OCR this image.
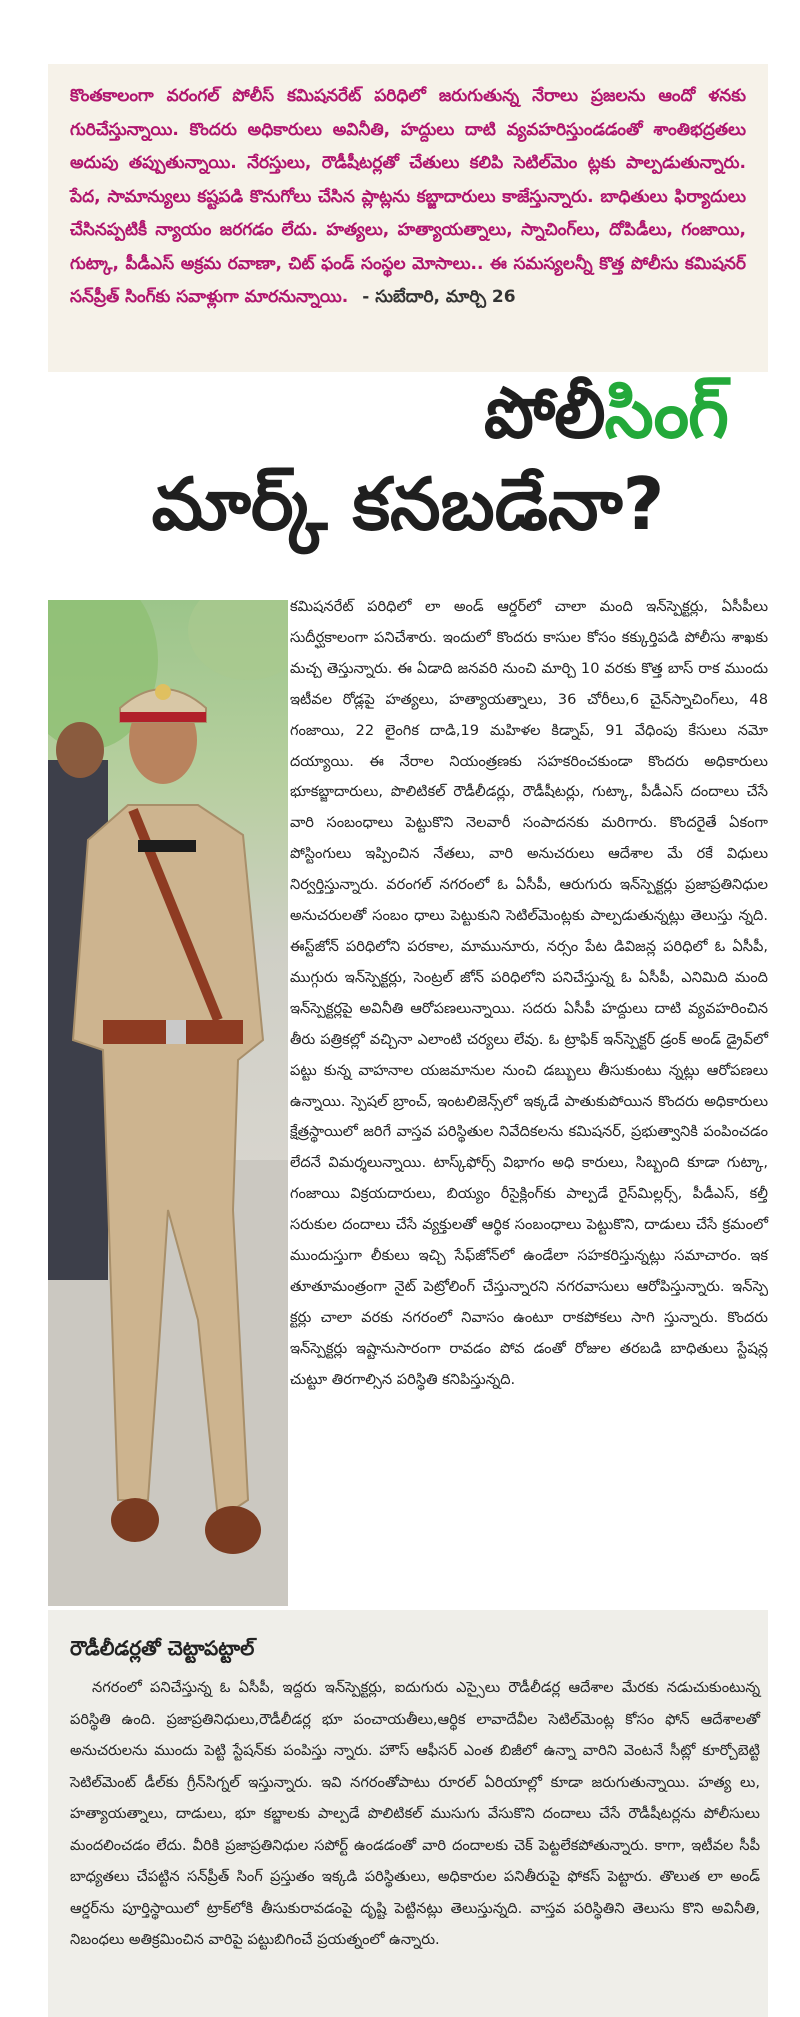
కొంతకాలంగా వరంగల్ పోలీస్ కమిషనరేట్ పరిధిలో జరుగుతున్న నేరాలు ప్రజలను ఆందో ళనకు గురిచేస్తున్నాయి. కొందరు అధికారులు అవినీతి, హద్దులు దాటి వ్యవహరిస్తుండడంతో శాంతిభద్రతలు అదుపు తప్పుతున్నాయి. నేరస్తులు, రౌడీషీటర్లతో చేతులు కలిపి సెటిల్‌మెం ట్లకు పాల్పడుతున్నారు. పేద, సామాన్యులు కష్టపడి కొనుగోలు చేసిన ప్లాట్లను కబ్జాదారులు కాజేస్తున్నారు. బాధితులు ఫిర్యాదులు చేసినప్పటికీ న్యాయం జరగడం లేదు. హత్యలు, హత్యాయత్నాలు, స్నాచింగ్‌లు, దోపిడీలు, గంజాయి, గుట్కా, పీడీఎస్ అక్రమ రవాణా, చిట్ ఫండ్ సంస్థల మోసాలు.. ఈ సమస్యలన్నీ కొత్త పోలీసు కమిషనర్ సన్‌ప్రీత్ సింగ్‌కు సవాళ్లుగా మారనున్నాయి. - సుబేదారి, మార్చి 26

పోలీసింగ్
మార్క్ కనబడేనా?

కమిషనరేట్ పరిధిలో లా అండ్ ఆర్డర్‌లో చాలా మంది ఇన్‌స్పెక్టర్లు, ఏసీపీలు సుదీర్ఘకాలంగా పనిచేశారు. ఇందులో కొందరు కాసుల కోసం కక్కుర్తిపడి పోలీసు శాఖకు మచ్చ తెస్తున్నారు. ఈ ఏడాది జనవరి నుంచి మార్చి 10 వరకు కొత్త బాస్ రాక ముందు ఇటీవల రోడ్లపై హత్యలు, హత్యాయత్నాలు, 36 చోరీలు,6 చైన్‌స్నాచింగ్‌లు, 48 గంజాయి, 22 లైంగిక దాడి,19 మహిళల కిడ్నాప్, 91 వేధింపు కేసులు నమో దయ్యాయి. ఈ నేరాల నియంత్రణకు సహకరించకుండా కొందరు అధికారులు భూకబ్జాదారులు, పొలిటికల్ రౌడీలీడర్లు, రౌడీషీటర్లు, గుట్కా, పీడీఎస్ దందాలు చేసే వారి సంబంధాలు పెట్టుకొని నెలవారీ సంపాదనకు మరిగారు. కొందరైతే ఏకంగా పోస్టింగులు ఇప్పించిన నేతలు, వారి అనుచరులు ఆదేశాల మే రకే విధులు నిర్వర్తిస్తున్నారు. వరంగల్ నగరంలో ఓ ఏసీపీ, ఆరుగురు ఇన్‌స్పెక్టర్లు ప్రజాప్రతినిధుల అనుచరులతో సంబం ధాలు పెట్టుకుని సెటిల్‌మెంట్లకు పాల్పడుతున్నట్లు తెలుస్తు న్నది. ఈస్ట్‌జోన్ పరిధిలోని పరకాల, మామునూరు, నర్సం పేట డివిజన్ల పరిధిలో ఓ ఏసీపీ, ముగ్గురు ఇన్‌స్పెక్టర్లు, సెంట్రల్ జోన్ పరిధిలోని పనిచేస్తున్న ఓ ఏసీపీ, ఎనిమిది మంది ఇన్‌స్పెక్టర్లపై అవినీతి ఆరోపణలున్నాయి. సదరు ఏసీపీ హద్దులు దాటి వ్యవహరించిన తీరు పత్రికల్లో వచ్చినా ఎలాంటి చర్యలు లేవు. ఓ ట్రాఫిక్ ఇన్‌స్పెక్టర్ డ్రంక్ అండ్ డ్రైవ్‌లో పట్టు కున్న వాహనాల యజమానుల నుంచి డబ్బులు తీసుకుంటు న్నట్లు ఆరోపణలు ఉన్నాయి. స్పెషల్ బ్రాంచ్, ఇంటలిజెన్స్‌లో ఇక్కడే పాతుకుపోయిన కొందరు అధికారులు క్షేత్రస్థాయిలో జరిగే వాస్తవ పరిస్థితుల నివేదికలను కమిషనర్, ప్రభుత్వానికి పంపించడం లేదనే విమర్శలున్నాయి. టాస్క్‌ఫోర్స్ విభాగం అధి కారులు, సిబ్బంది కూడా గుట్కా, గంజాయి విక్రయదారులు, బియ్యం రీసైక్లింగ్‌కు పాల్పడే రైస్‌మిల్లర్స్, పీడీఎస్, కల్తీ సరుకుల దందాలు చేసే వ్యక్తులతో ఆర్థిక సంబంధాలు పెట్టుకొని, దాడులు చేసే క్రమంలో ముందుస్తుగా లీకులు ఇచ్చి సేఫ్‌జోన్‌లో ఉండేలా సహకరిస్తున్నట్లు సమాచారం. ఇక తూతూమంత్రంగా నైట్ పెట్రోలింగ్ చేస్తున్నారని నగరవాసులు ఆరోపిస్తున్నారు. ఇన్‌స్పె క్టర్లు చాలా వరకు నగరంలో నివాసం ఉంటూ రాకపోకలు సాగి స్తున్నారు. కొందరు ఇన్‌స్పెక్టర్లు ఇష్టానుసారంగా రావడం పోవ డంతో రోజుల తరబడి బాధితులు స్టేషన్ల చుట్టూ తిరగాల్సిన పరిస్థితి కనిపిస్తున్నది.

రౌడీలీడర్లతో చెట్టాపట్టాల్

నగరంలో పనిచేస్తున్న ఓ ఏసీపీ, ఇద్దరు ఇన్‌స్పెక్టర్లు, ఐదుగురు ఎస్సైలు రౌడీలీడర్ల ఆదేశాల మేరకు నడుచుకుంటున్న పరిస్థితి ఉంది. ప్రజాప్రతినిధులు,రౌడీలీడర్ల భూ పంచాయతీలు,ఆర్థిక లావాదేవీల సెటిల్‌మెంట్ల కోసం ఫోన్ ఆదేశాలతో అనుచరులను ముందు పెట్టి స్టేషన్‌కు పంపిస్తు న్నారు. హౌస్ ఆఫీసర్ ఎంత బిజీలో ఉన్నా వారిని వెంటనే సీట్లో కూర్చోబెట్టి సెటిల్‌మెంట్ డీల్‌కు గ్రీన్‌సిగ్నల్ ఇస్తున్నారు. ఇవి నగరంతోపాటు రూరల్ ఏరియాల్లో కూడా జరుగుతున్నాయి. హత్య లు, హత్యాయత్నాలు, దాడులు, భూ కబ్జాలకు పాల్పడే పొలిటికల్ ముసుగు వేసుకొని దందాలు చేసే రౌడీషీటర్లను పోలీసులు మందలించడం లేదు. వీరికి ప్రజాప్రతినిధుల సపోర్ట్ ఉండడంతో వారి దందాలకు చెక్ పెట్టలేకపోతున్నారు. కాగా, ఇటీవల సీపీ బాధ్యతలు చేపట్టిన సన్‌ప్రీత్ సింగ్ ప్రస్తుతం ఇక్కడి పరిస్థితులు, అధికారుల పనితీరుపై ఫోకస్ పెట్టారు. తొలుత లా అండ్ ఆర్డర్‌ను పూర్తిస్థాయిలో ట్రాక్‌లోకి తీసుకురావడంపై దృష్టి పెట్టినట్లు తెలుస్తున్నది. వాస్తవ పరిస్థితిని తెలుసు కొని అవినీతి, నిబంధలు అతిక్రమించిన వారిపై పట్టుబిగించే ప్రయత్నంలో ఉన్నారు.
